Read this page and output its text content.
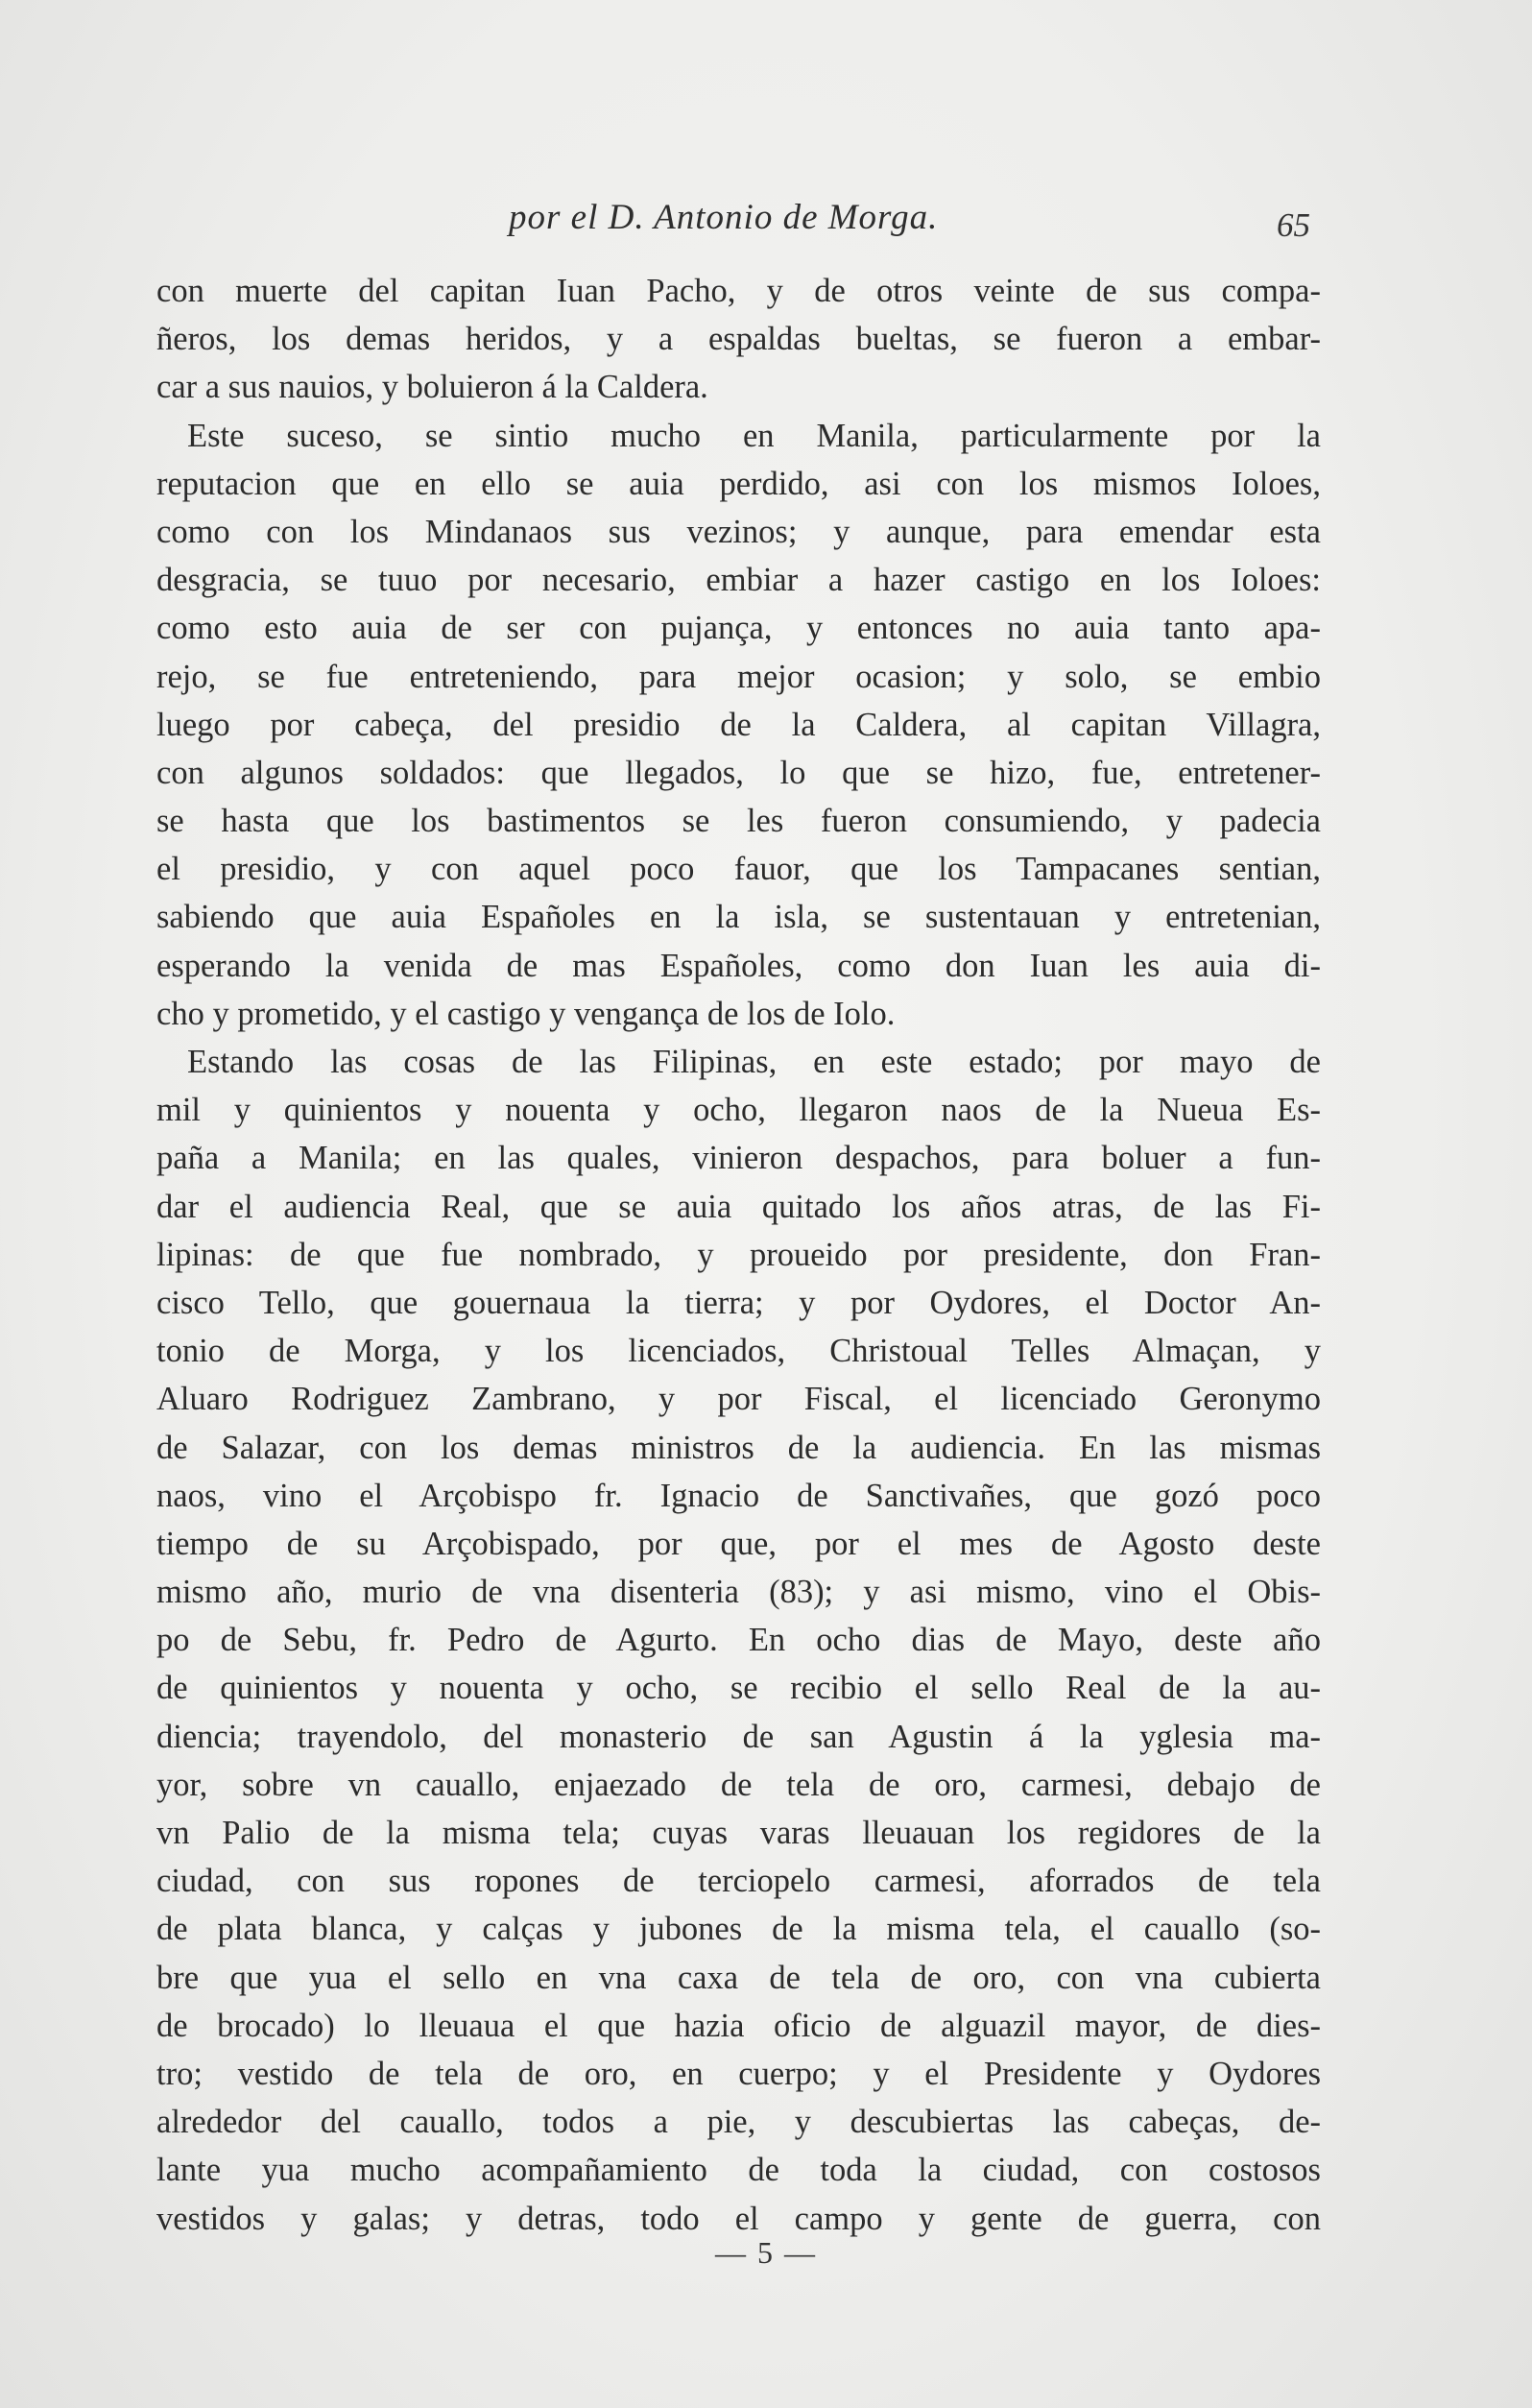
por el D. Antonio de Morga.	65
con muerte del capitan Iuan Pacho, y de otros veinte de sus compa-
ñeros, los demas heridos, y a espaldas bueltas, se fueron a embar-
car a sus nauios, y boluieron á la Caldera.
Este suceso, se sintio mucho en Manila, particularmente por la
reputacion que en ello se auia perdido, asi con los mismos Ioloes,
como con los Mindanaos sus vezinos; y aunque, para emendar esta
desgracia, se tuuo por necesario, embiar a hazer castigo en los Ioloes:
como esto auia de ser con pujança, y entonces no auia tanto apa-
rejo, se fue entreteniendo, para mejor ocasion; y solo, se embio
luego por cabeça, del presidio de la Caldera, al capitan Villagra,
con algunos soldados: que llegados, lo que se hizo, fue, entretener-
se hasta que los bastimentos se les fueron consumiendo, y padecia
el presidio, y con aquel poco fauor, que los Tampacanes sentian,
sabiendo que auia Españoles en la isla, se sustentauan y entretenian,
esperando la venida de mas Españoles, como don Iuan les auia di-
cho y prometido, y el castigo y vengança de los de Iolo.
Estando las cosas de las Filipinas, en este estado; por mayo de
mil y quinientos y nouenta y ocho, llegaron naos de la Nueua Es-
paña a Manila; en las quales, vinieron despachos, para boluer a fun-
dar el audiencia Real, que se auia quitado los años atras, de las Fi-
lipinas: de que fue nombrado, y proueido por presidente, don Fran-
cisco Tello, que gouernaua la tierra; y por Oydores, el Doctor An-
tonio de Morga, y los licenciados, Christoual Telles Almaçan, y
Aluaro Rodriguez Zambrano, y por Fiscal, el licenciado Geronymo
de Salazar, con los demas ministros de la audiencia. En las mismas
naos, vino el Arçobispo fr. Ignacio de Sanctivañes, que gozó poco
tiempo de su Arçobispado, por que, por el mes de Agosto deste
mismo año, murio de vna disenteria (83); y asi mismo, vino el Obis-
po de Sebu, fr. Pedro de Agurto. En ocho dias de Mayo, deste año
de quinientos y nouenta y ocho, se recibio el sello Real de la au-
diencia; trayendolo, del monasterio de san Agustin á la yglesia ma-
yor, sobre vn cauallo, enjaezado de tela de oro, carmesi, debajo de
vn Palio de la misma tela; cuyas varas lleuauan los regidores de la
ciudad, con sus ropones de terciopelo carmesi, aforrados de tela
de plata blanca, y calças y jubones de la misma tela, el cauallo (so-
bre que yua el sello en vna caxa de tela de oro, con vna cubierta
de brocado) lo lleuaua el que hazia oficio de alguazil mayor, de dies-
tro; vestido de tela de oro, en cuerpo; y el Presidente y Oydores
alrededor del cauallo, todos a pie, y descubiertas las cabeças, de-
lante yua mucho acompañamiento de toda la ciudad, con costosos
vestidos y galas; y detras, todo el campo y gente de guerra, con
— 5 —
